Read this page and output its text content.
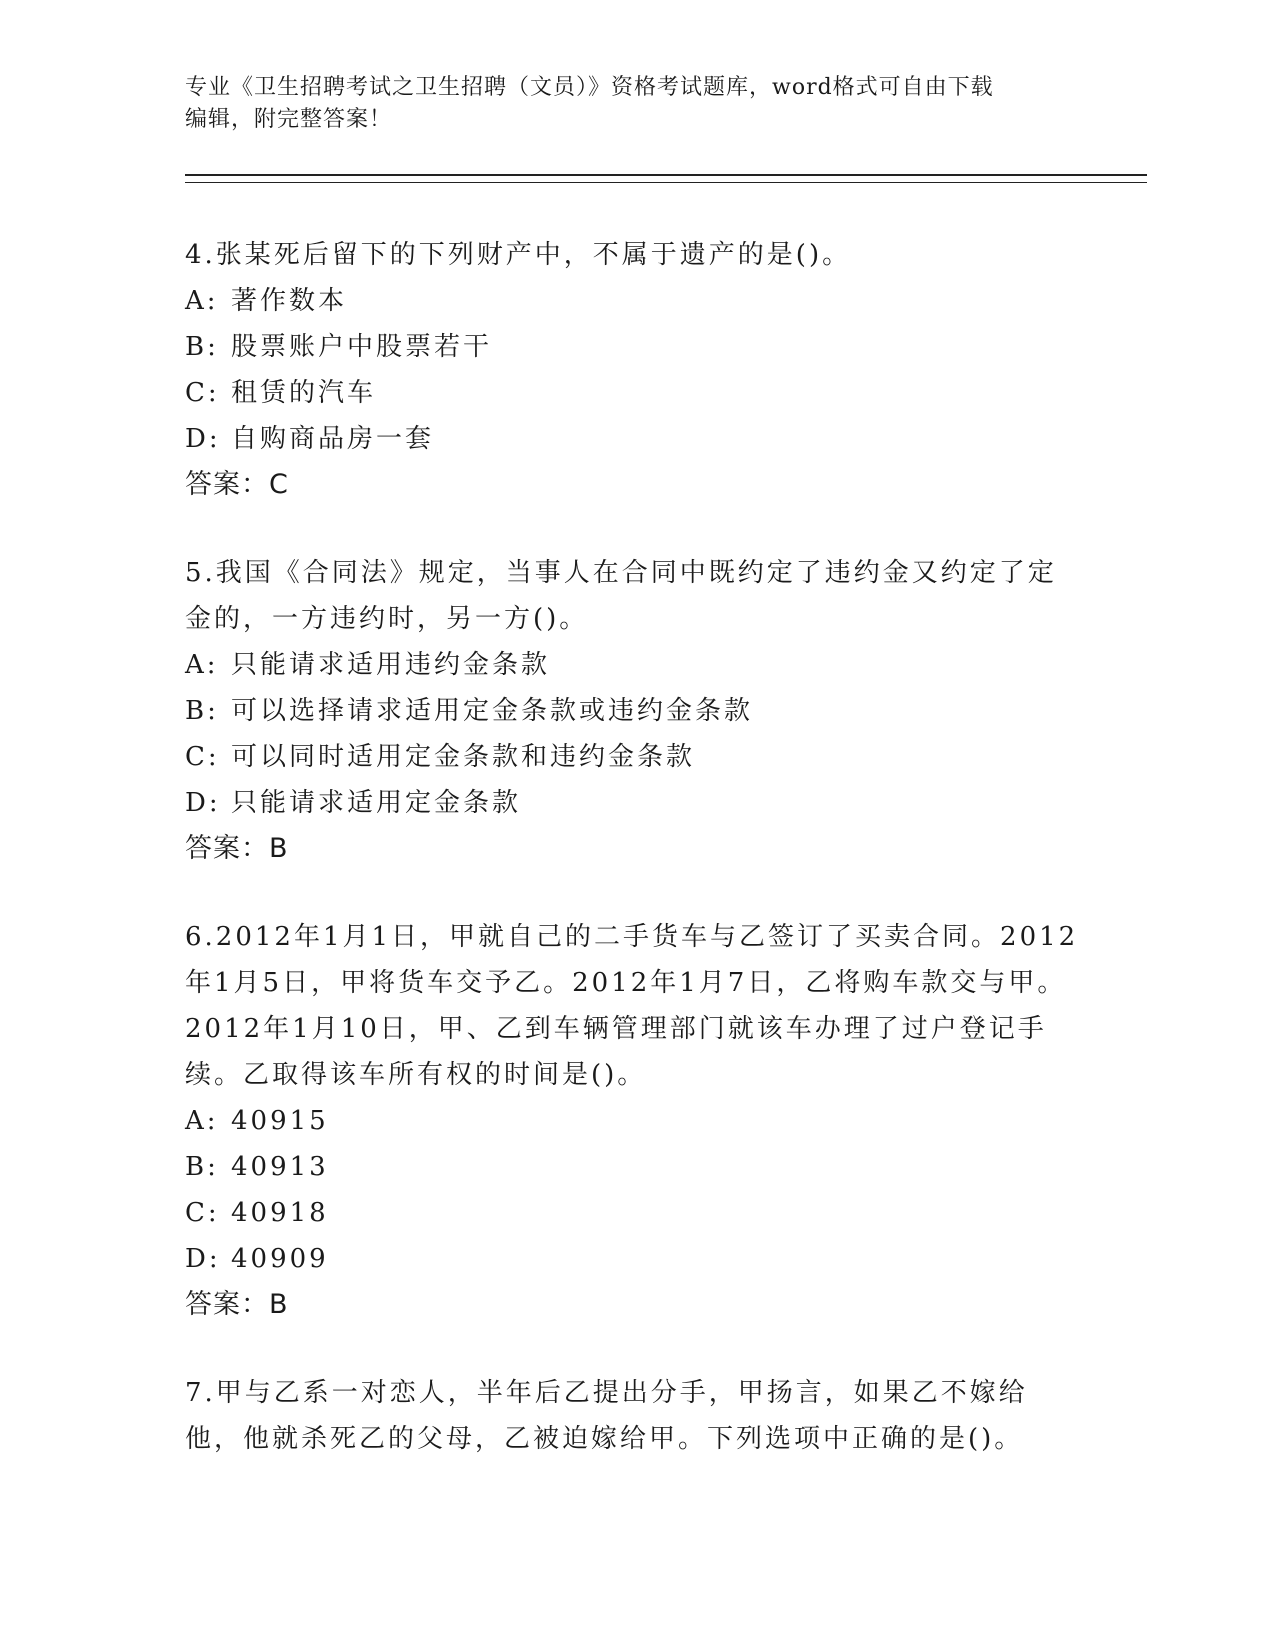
专业《卫生招聘考试之卫生招聘（文员）》资格考试题库，word格式可自由下载
编辑，附完整答案！

4.张某死后留下的下列财产中，不属于遗产的是()。

A: 著作数本
B: 股票账户中股票若干
C: 租赁的汽车
D: 自购商品房一套
答案：C

5.我国《合同法》规定，当事人在合同中既约定了违约金又约定了定金的，一方违约时，另一方()。

A: 只能请求适用违约金条款
B: 可以选择请求适用定金条款或违约金条款
C: 可以同时适用定金条款和违约金条款
D: 只能请求适用定金条款
答案：B

6.2012年1月1日，甲就自己的二手货车与乙签订了买卖合同。2012年1月5日，甲将货车交予乙。2012年1月7日，乙将购车款交与甲。2012年1月10日，甲、乙到车辆管理部门就该车办理了过户登记手续。乙取得该车所有权的时间是()。

A: 40915
B: 40913
C: 40918
D: 40909
答案：B

7.甲与乙系一对恋人，半年后乙提出分手，甲扬言，如果乙不嫁给他，他就杀死乙的父母，乙被迫嫁给甲。下列选项中正确的是()。
